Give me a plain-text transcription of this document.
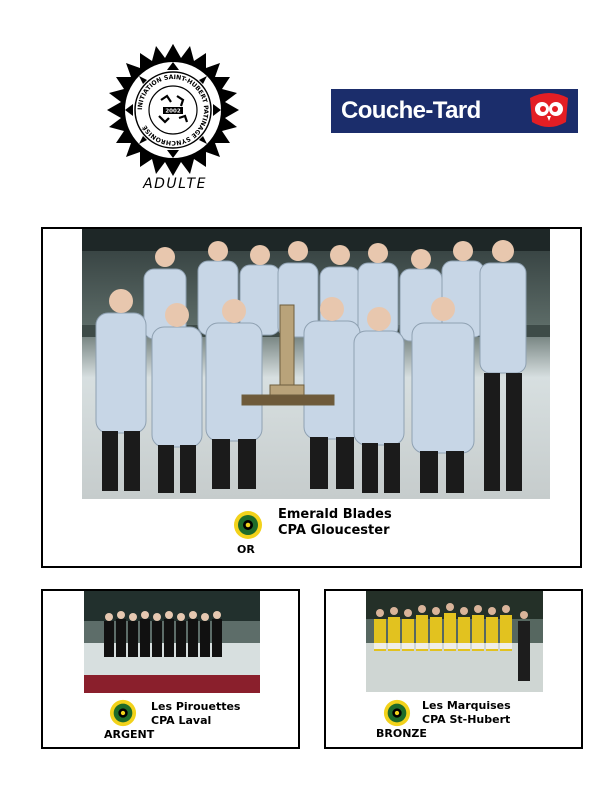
INITIATION SAINT-HUBERT PATINAGE SYNCHRONISÉ
2002
ADULTE
Couche-Tard
Emerald Blades
CPA Gloucester
OR
Les Pirouettes
CPA Laval
ARGENT
Les Marquises
CPA St-Hubert
BRONZE
